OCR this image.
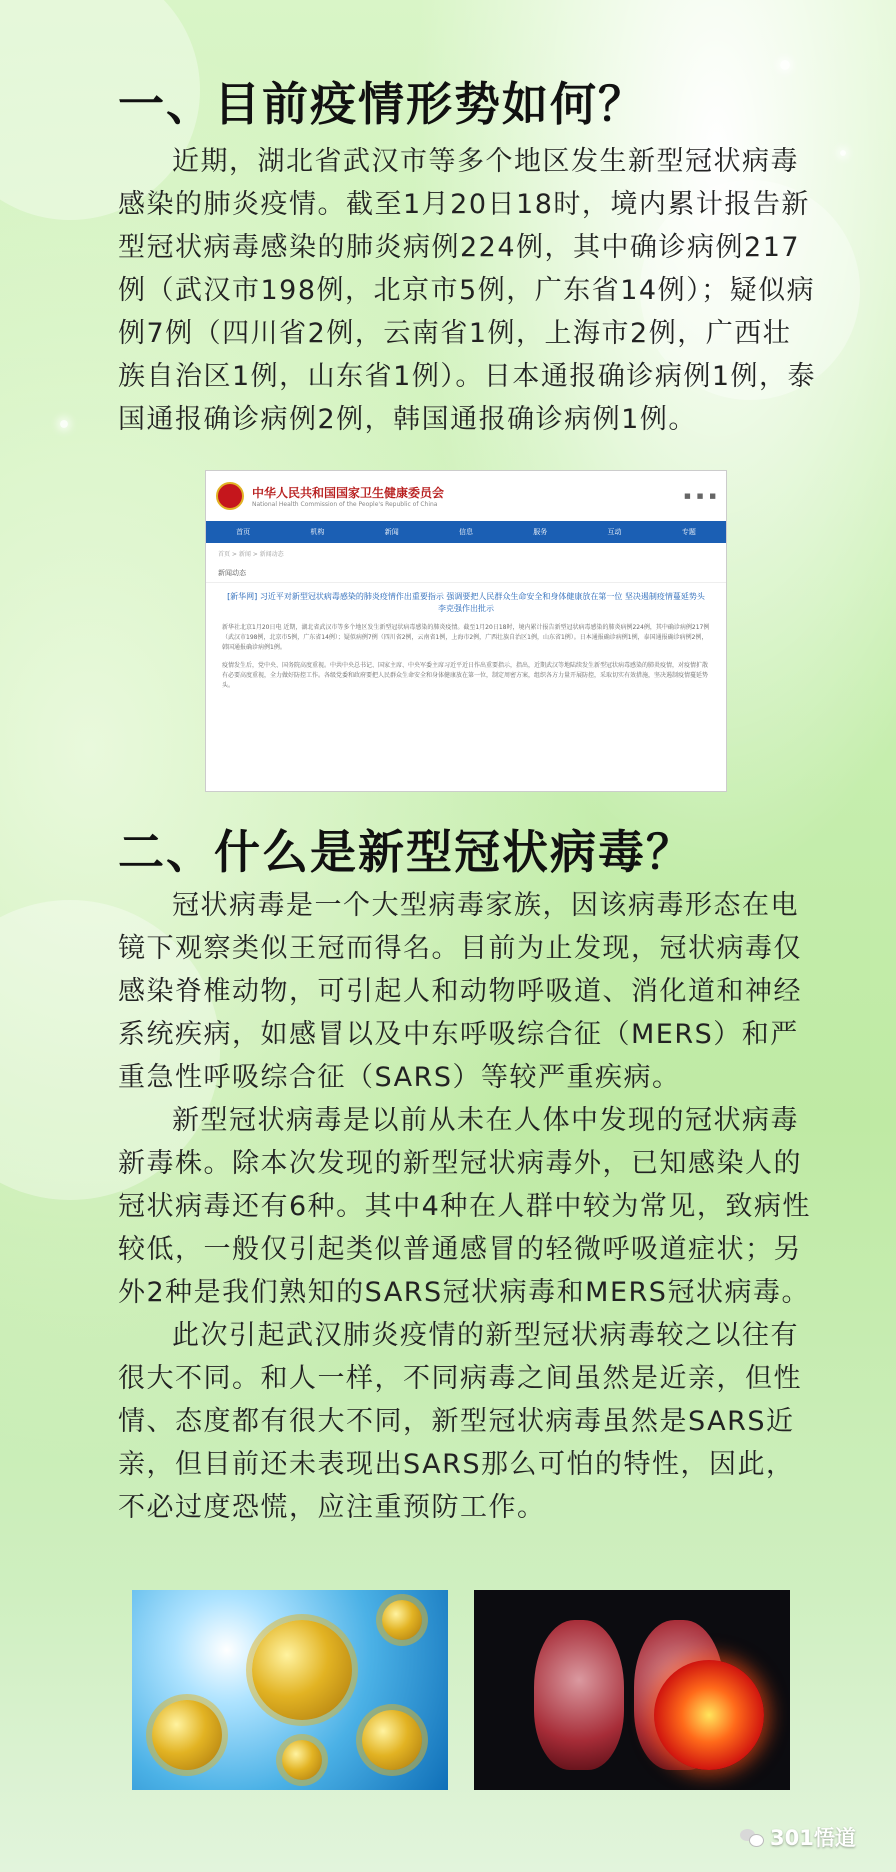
一、目前疫情形势如何？

近期，湖北省武汉市等多个地区发生新型冠状病毒感染的肺炎疫情。截至1月20日18时，境内累计报告新型冠状病毒感染的肺炎病例224例，其中确诊病例217例（武汉市198例，北京市5例，广东省14例）；疑似病例7例（四川省2例，云南省1例，上海市2例，广西壮族自治区1例，山东省1例）。日本通报确诊病例1例，泰国通报确诊病例2例，韩国通报确诊病例1例。

中华人民共和国国家卫生健康委员会
National Health Commission of the People's Republic of China
■ ■ ■
首页	机构	新闻	信息	服务	互动	专题
首页 > 新闻 > 新闻动态
新闻动态
[新华网] 习近平对新型冠状病毒感染的肺炎疫情作出重要指示 强调要把人民群众生命安全和身体健康放在第一位 坚决遏制疫情蔓延势头 李克强作出批示
新华社北京1月20日电 近期，湖北省武汉市等多个地区发生新型冠状病毒感染的肺炎疫情。截至1月20日18时，境内累计报告新型冠状病毒感染的肺炎病例224例，其中确诊病例217例（武汉市198例，北京市5例，广东省14例）；疑似病例7例（四川省2例，云南省1例，上海市2例，广西壮族自治区1例，山东省1例）。日本通报确诊病例1例，泰国通报确诊病例2例，韩国通报确诊病例1例。
疫情发生后，党中央、国务院高度重视。中共中央总书记、国家主席、中央军委主席习近平近日作出重要指示，指出，近期武汉等地陆续发生新型冠状病毒感染的肺炎疫情，对疫情扩散有必要高度重视，全力做好防控工作。各级党委和政府要把人民群众生命安全和身体健康放在第一位，制定周密方案，组织各方力量开展防控，采取切实有效措施，坚决遏制疫情蔓延势头。
二、什么是新型冠状病毒？

冠状病毒是一个大型病毒家族，因该病毒形态在电镜下观察类似王冠而得名。目前为止发现，冠状病毒仅感染脊椎动物，可引起人和动物呼吸道、消化道和神经系统疾病，如感冒以及中东呼吸综合征（MERS）和严重急性呼吸综合征（SARS）等较严重疾病。

新型冠状病毒是以前从未在人体中发现的冠状病毒新毒株。除本次发现的新型冠状病毒外，已知感染人的冠状病毒还有6种。其中4种在人群中较为常见，致病性较低，一般仅引起类似普通感冒的轻微呼吸道症状；另外2种是我们熟知的SARS冠状病毒和MERS冠状病毒。

此次引起武汉肺炎疫情的新型冠状病毒较之以往有很大不同。和人一样，不同病毒之间虽然是近亲，但性情、态度都有很大不同，新型冠状病毒虽然是SARS近亲，但目前还未表现出SARS那么可怕的特性，因此，不必过度恐慌，应注重预防工作。

301悟道
